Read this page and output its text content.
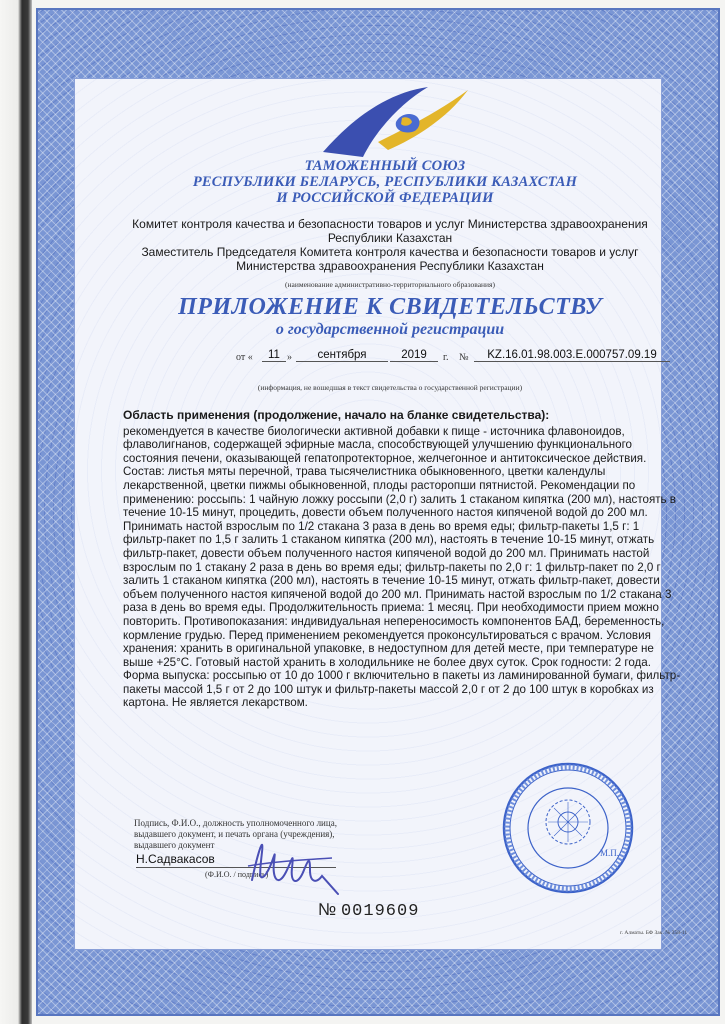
ТАМОЖЕННЫЙ СОЮЗ
РЕСПУБЛИКИ БЕЛАРУСЬ, РЕСПУБЛИКИ КАЗАХСТАН
И РОССИЙСКОЙ ФЕДЕРАЦИИ
Комитет контроля качества и безопасности товаров и услуг Министерства здравоохранения
Республики Казахстан
Заместитель Председателя Комитета контроля качества и безопасности товаров и услуг
Министерства здравоохранения Республики Казахстан
(наименование административно-территориального образования)
ПРИЛОЖЕНИЕ К СВИДЕТЕЛЬСТВУ
о государственной регистрации
от «	11 »	сентября	2019	г. №	KZ.16.01.98.003.Е.000757.09.19
(информация, не вошедшая в текст свидетельства о государственной регистрации)
Область применения (продолжение, начало на бланке свидетельства):
рекомендуется в качестве биологически активной добавки к пище - источника флавоноидов, флаволигнанов, содержащей эфирные масла, способствующей улучшению функционального состояния печени, оказывающей гепатопротекторное, желчегонное и антитоксическое действия. Состав: листья мяты перечной, трава тысячелистника обыкновенного, цветки календулы лекарственной, цветки пижмы обыкновенной, плоды расторопши пятнистой. Рекомендации по применению: россыпь: 1 чайную ложку россыпи (2,0 г) залить 1 стаканом кипятка (200 мл), настоять в течение 10-15 минут, процедить, довести объем полученного настоя кипяченой водой до 200 мл. Принимать настой взрослым по 1/2 стакана 3 раза в день во время еды; фильтр-пакеты 1,5 г: 1 фильтр-пакет по 1,5 г залить 1 стаканом кипятка (200 мл), настоять в течение 10-15 минут, отжать фильтр-пакет, довести объем полученного настоя кипяченой водой до 200 мл. Принимать настой взрослым по 1 стакану 2 раза в день во время еды; фильтр-пакеты по 2,0 г: 1 фильтр-пакет по 2,0 г залить 1 стаканом кипятка (200 мл), настоять в течение 10-15 минут, отжать фильтр-пакет, довести объем полученного настоя кипяченой водой до 200 мл. Принимать настой взрослым по 1/2 стакана 3 раза в день во время еды. Продолжительность приема: 1 месяц. При необходимости прием можно повторить. Противопоказания: индивидуальная непереносимость компонентов БАД, беременность, кормление грудью. Перед применением рекомендуется проконсультироваться с врачом. Условия хранения: хранить в оригинальной упаковке, в недоступном для детей месте, при температуре не выше +25°С. Готовый настой хранить в холодильнике не более двух суток. Срок годности: 2 года. Форма выпуска: россыпью от 10 до 1000 г включительно в пакеты из ламинированной бумаги, фильтр-пакеты массой 1,5 г от 2 до 100 штук и фильтр-пакеты массой 2,0 г от 2 до 100 штук в коробках из картона. Не является лекарством.
Подпись, Ф.И.О., должность уполномоченного лица,
выдавшего документ, и печать органа (учреждения),
выдавшего документ
Н.Садвакасов
(Ф.И.О. / подпись)
№ 0019609
М.П.
г. Алматы. БФ Зак. № 358-11
